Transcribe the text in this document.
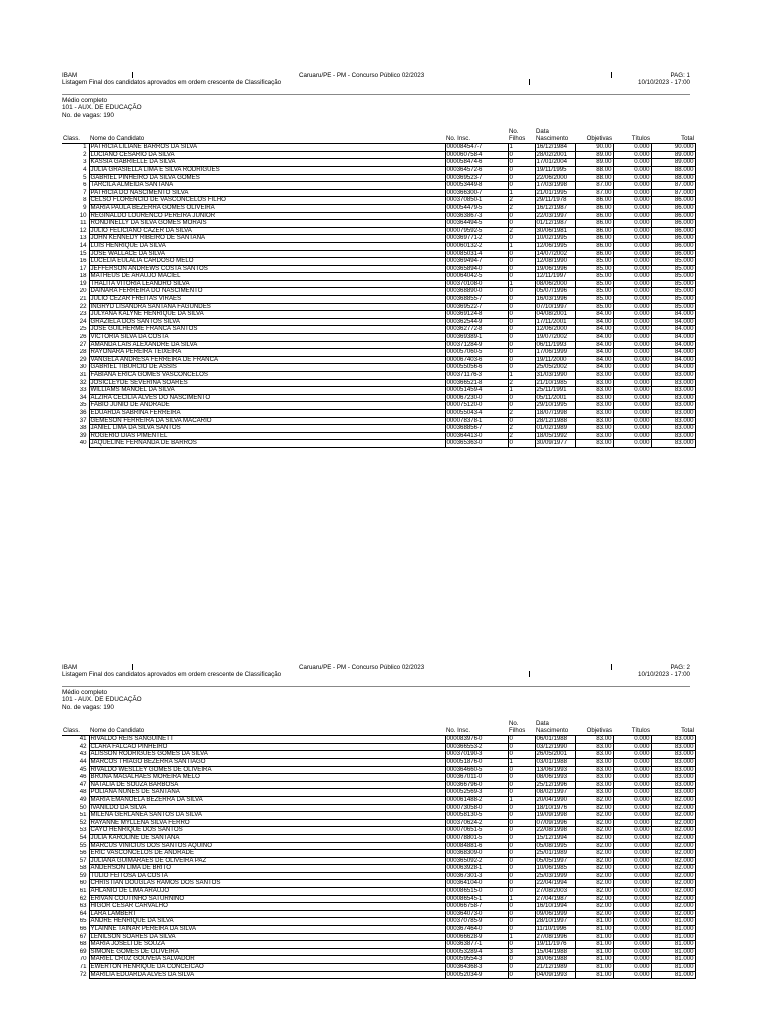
IBAM	Caruaru/PE - PM - Concurso Público 02/2023	PAG: 1
Listagem Final dos candidatos aprovados em ordem crescente de Classificação	10/10/2023 - 17:00
Médio completo
101 - AUX. DE EDUCAÇÃO
No. de vagas: 190
Class.	Nome do Candidato	No. Insc.	No. Filhos	Data Nascimento	Objetivas	Títulos	Total
1	PATRICIA LILIANE BARROS DA SILVA	000084547-7	1	16/12/1984	90.00	0.000	90.000
2	LUCIANO CESARIO DA SILVA	000060758-4	0	28/02/2001	89.00	0.000	89.000
3	KASSIA GABRIELLE DA SILVA	000058474-6	0	17/01/2004	89.00	0.000	89.000
4	JULIA GRASIELLA LIMA E SILVA RODRIGUES	000364572-6	0	19/11/1995	88.00	0.000	88.000
5	GABRIEL PINHEIRO DA SILVA GOMES	000369523-7	0	22/06/2000	88.00	0.000	88.000
6	TARCILA ALMEIDA SANTANA	000053449-8	0	17/03/1998	87.00	0.000	87.000
7	PATRICIA DO NASCIMENTO SILVA	000366300-7	1	21/01/1995	87.00	0.000	87.000
8	CELSO FLORENCIO DE VASCONCELOS FILHO	000370850-1	2	29/11/1978	86.00	0.000	86.000
9	MARIA PAULA BEZERRA GOMES OLIVEIRA	000054479-5	2	16/12/1987	86.00	0.000	86.000
10	REGINALDO LOURENCO PEREIRA JUNIOR	000363867-3	0	22/03/1997	86.00	0.000	86.000
11	RONDINELLY DA SILVA GOMES MORAIS	000364494-5	0	01/12/1987	86.00	0.000	86.000
12	JULIO FELICIANO CAZER DA SILVA	000079592-5	2	30/06/1981	86.00	0.000	86.000
13	JOHN KENNEDY RIBEIRO DE SANTANA	000369771-2	0	10/02/1995	86.00	0.000	86.000
14	LUIS HENRIQUE DA SILVA	000060132-2	1	12/06/1995	86.00	0.000	86.000
15	JOSE WALLACE DA SILVA	000085031-4	0	14/07/2002	86.00	0.000	86.000
16	LUCELIA EULALIA CARDOSO MELO	000369494-7	0	12/08/1990	85.00	0.000	85.000
17	JEFFERSON ANDREWS COSTA SANTOS	000365894-0	0	19/06/1996	85.00	0.000	85.000
18	MATHEUS DE ARAUJO MACIEL	000064042-5	0	12/11/1997	85.00	0.000	85.000
19	THALITA VITORIA LEANDRO SILVA	000370108-0	1	08/06/2000	85.00	0.000	85.000
20	DAINARA FERREIRA DO NASCIMENTO	000368890-0	0	05/07/1996	85.00	0.000	85.000
21	JULIO CEZAR FREITAS VIRAES	000368855-7	0	16/03/1996	85.00	0.000	85.000
22	INGRYD LISANDRA SANTANA FAGUNDES	000369522-7	0	07/10/1997	85.00	0.000	85.000
23	JULYANA KALYNE HENRIQUE DA SILVA	000369124-8	0	04/08/2001	84.00	0.000	84.000
24	GRAZIELA DOS SANTOS SILVA	000362544-9	0	17/11/2001	84.00	0.000	84.000
25	JOSE GUILHERME FRANCA SANTOS	000362772-8	0	12/06/2000	84.00	0.000	84.000
26	VICTORIA SILVA DA COSTA	000369389-1	0	19/07/2002	84.00	0.000	84.000
27	AMANDA LAIS ALEXANDRE DA SILVA	000371284-9	0	06/11/1993	84.00	0.000	84.000
28	RAYONARA PEREIRA TEIXEIRA	000057060-5	0	17/06/1999	84.00	0.000	84.000
29	VANGELA ANDRESA FERREIRA DE FRANCA	000067403-6	0	19/11/2000	84.00	0.000	84.000
30	GABRIEL TIBURCIO DE ASSIS	000055056-6	0	25/05/2002	84.00	0.000	84.000
31	FABIANA ERICA GOMES VASCONCELOS	000371176-3	1	31/03/1990	83.00	0.000	83.000
32	JOSICLEYDE SEVERINA SOARES	000366521-8	2	21/10/1985	83.00	0.000	83.000
33	WILLIAMS MANOEL DA SILVA	000051459-4	1	25/11/1991	83.00	0.000	83.000
34	ALZIRA CECILIA ALVES DO NASCIMENTO	000067230-0	0	05/11/2001	83.00	0.000	83.000
35	FABIO JUNIO DE ANDRADE	000075120-0	0	29/10/1995	83.00	0.000	83.000
36	EDUARDA SABRINA FERREIRA	000055043-4	2	18/07/1998	83.00	0.000	83.000
37	GEMESON FERREIRA DA SILVA MACARIO	000078378-1	0	28/12/1988	83.00	0.000	83.000
38	JANIEL LIMA DA SILVA SANTOS	000368856-7	2	01/02/1989	83.00	0.000	83.000
39	ROGERIO DIAS PIMENTEL	000364413-0	2	18/05/1992	83.00	0.000	83.000
40	JAQUELINE FERNANDA DE BARROS	000365363-0	0	30/09/1977	83.00	0.000	83.000
IBAM	Caruaru/PE - PM - Concurso Público 02/2023	PAG: 2
Listagem Final dos candidatos aprovados em ordem crescente de Classificação	10/10/2023 - 17:00
Médio completo
101 - AUX. DE EDUCAÇÃO
No. de vagas: 190
Class.	Nome do Candidato	No. Insc.	No. Filhos	Data Nascimento	Objetivas	Títulos	Total
41	RIVALDO REIS SANGUINETT	000083976-0	0	06/01/1988	83.00	0.000	83.000
42	CLARA FALCAO PINHEIRO	000366553-2	0	03/12/1990	83.00	0.000	83.000
43	ALISSON RODRIGUES GOMES DA SILVA	000370190-3	0	26/05/2001	83.00	0.000	83.000
44	MARCOS THIAGO BEZERRA SANTIAGO	000051876-0	1	03/01/1988	83.00	0.000	83.000
45	RIVALDO WESLLEY GOMES DE OLIVEIRA	000364660-5	0	13/06/1993	83.00	0.000	83.000
46	BRUNA MAGALHAES MOREIRA MELO	000367011-0	0	08/06/1993	83.00	0.000	83.000
47	NATALIA DE SOUZA BARBOSA	000366796-0	0	25/12/1996	83.00	0.000	83.000
48	POLIANA NUNES DE SANTANA	000052569-3	0	08/02/1997	83.00	0.000	83.000
49	MARIA EMANOELA BEZERRA DA SILVA	000061488-2	1	20/04/1990	82.00	0.000	82.000
50	IVANILDO DA SILVA	000073058-0	0	18/10/1976	82.00	0.000	82.000
51	MILENA GERLANEA SANTOS DA SILVA	000058130-5	0	19/09/1998	82.00	0.000	82.000
52	RAYANNE MYLLENA SILVA FERRO	000370624-2	0	07/09/1996	82.00	0.000	82.000
53	CAYO HENRIQUE DOS SANTOS	000070651-5	0	22/08/1998	82.00	0.000	82.000
54	JULIA KAROLINE DE SANTANA	000078801-5	0	15/12/1994	82.00	0.000	82.000
55	MARCUS VINICIUS DOS SANTOS AQUINO	000084881-6	0	05/08/1995	82.00	0.000	82.000
56	ERIC VASCONCELOS DE ANDRADE	000368309-0	0	25/01/1989	82.00	0.000	82.000
57	JULIANA GUIMARAES DE OLIVEIRA PAZ	000365092-2	0	05/05/1997	82.00	0.000	82.000
58	ANDERSON LIMA DE BRITO	000063928-1	0	10/06/1985	82.00	0.000	82.000
59	TULIO FEITOSA DA COSTA	000367301-3	0	25/03/1999	82.00	0.000	82.000
60	CHRISTIAN DOUGLAS RAMOS DOS SANTOS	000364104-0	0	22/04/1994	82.00	0.000	82.000
61	AHLANIO DE LIMA ARAUJO	000086515-0	0	27/08/2003	82.00	0.000	82.000
62	ERIVAN COUTINHO SATURNINO	000086545-1	1	27/04/1987	82.00	0.000	82.000
63	HIGOR CESAR CARVALHO	000066758-7	0	16/10/1994	82.00	0.000	82.000
64	LARA LAMBERT	000364073-0	0	09/06/1999	82.00	0.000	82.000
65	ANDRE HENRIQUE DA SILVA	000370785-9	0	28/10/1997	81.00	0.000	81.000
66	YLAINNE TAINAR PEREIRA DA SILVA	000367464-0	0	11/10/1996	81.00	0.000	81.000
67	LENILSON SOARES DA SILVA	000066628-9	1	27/08/1996	81.00	0.000	81.000
68	MARIA JOSELI DE SOUZA	000363877-1	0	19/11/1976	81.00	0.000	81.000
69	SIMONE GOMES DE OLIVEIRA	000053289-4	3	15/04/1988	81.00	0.000	81.000
70	MARIEL CRUZ GOUVEIA SALVADOR	000059554-3	0	30/06/1988	81.00	0.000	81.000
71	EWERTON HENRIQUE DA CONCEICAO	000364368-3	0	21/12/1989	81.00	0.000	81.000
72	MARILIA EDUARDA ALVES DA SILVA	000052034-9	0	04/09/1993	81.00	0.000	81.000
